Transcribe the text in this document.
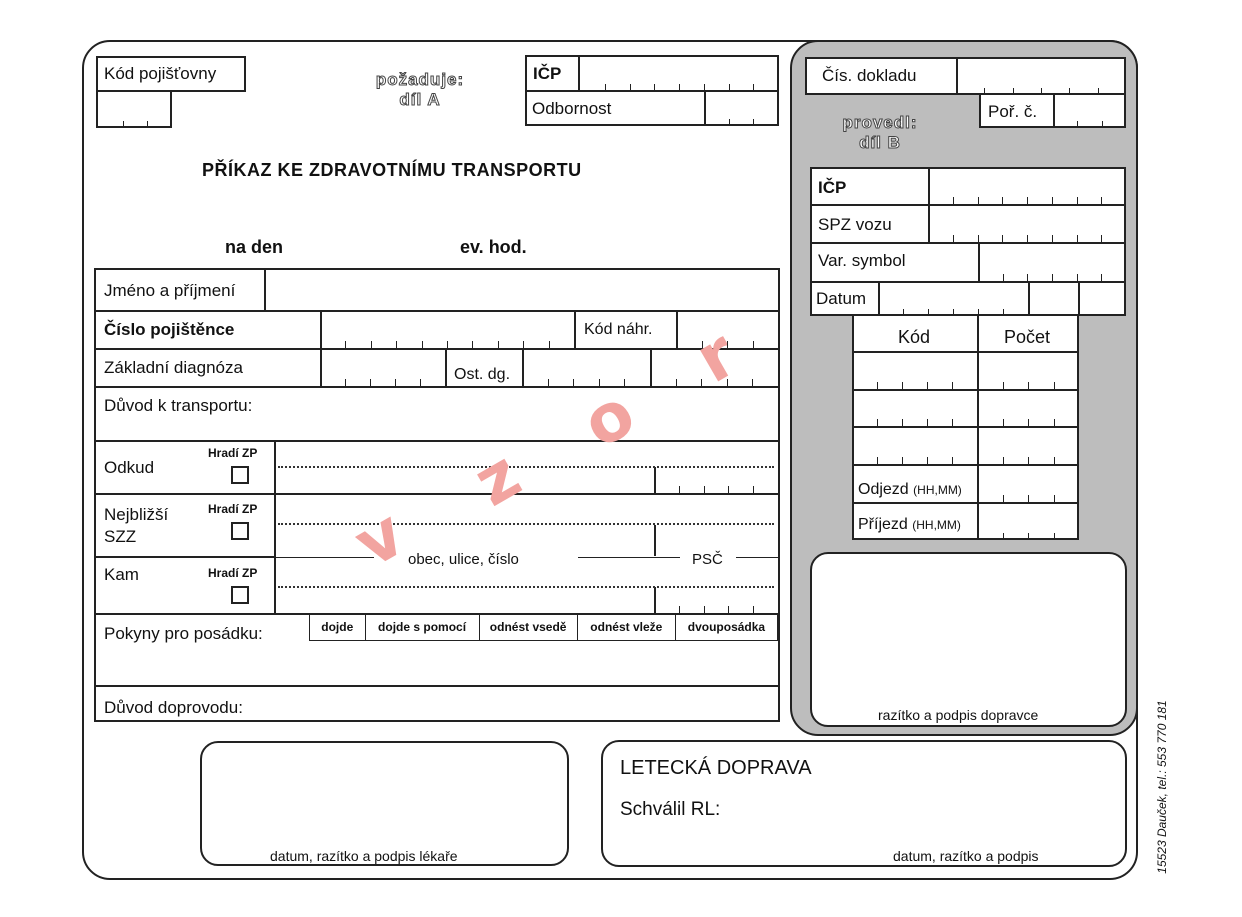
Kód pojišťovny	požaduje:
díl A
IČP
Odbornost
PŘÍKAZ KE ZDRAVOTNÍMU TRANSPORTU
na den	ev. hod.
Jméno a příjmení
Číslo pojištěnce	Kód náhr.
Základní diagnóza	Ost. dg.
Důvod k transportu:
Odkud
Hradí ZP
Nejbližší
SZZ
Hradí ZP
obec, ulice, číslo	PSČ
Kam	Hradí ZP
Pokyny pro posádku:	dojde	dojde s pomocí	odnést vsedě	odnést vleže	dvouposádka
Důvod doprovodu:
v
z
o
r
Čís. dokladu
Poř. č.
provedl:
díl B
IČP
SPZ vozu
Var. symbol
Datum
Kód	Počet
Odjezd (HH,MM)
Příjezd (HH,MM)
razítko a podpis dopravce
datum, razítko a podpis lékaře
LETECKÁ DOPRAVA
Schválil RL:
datum, razítko a podpis	15523 Dauček, tel.: 553 770 181
